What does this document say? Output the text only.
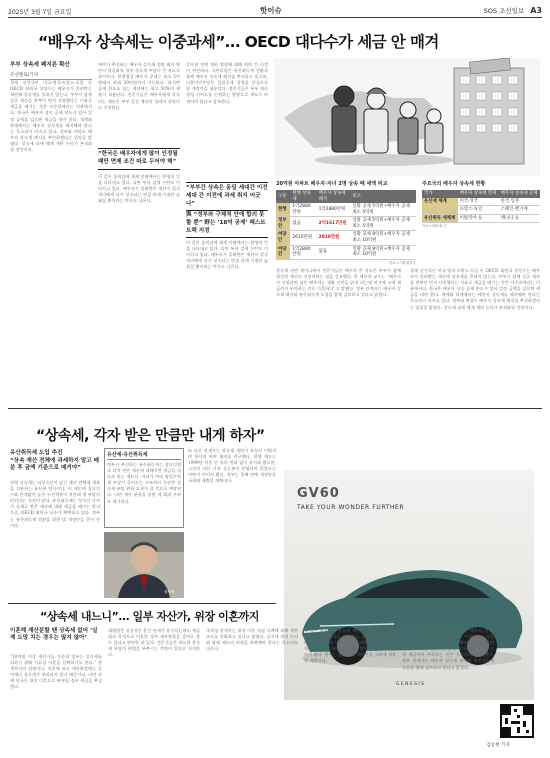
2025년 3월 7일 금요일	핫이슈	SOS 조선일보 A3
“배우자 상속세는 이중과세”… OECD 대다수가 세금 안 매겨
부부 상속세 폐지론 확산
조선멘토/기자
경제 선진국인 미국·영국·프랑스·독일 등 OECD 회원국 상당수는 배우자가 물려받는 재산에 상속세를 물리지 않는다. 부부가 함께 일군 재산을 한쪽이 먼저 사망했다는 이유로 세금을 매기는 것은 이중과세라는 이유에서다. 한국은 배우자 상속 공제 한도가 있어 일정 금액을 넘으면 세금을 내야 한다. 재계와 학계에서는 배우자 상속세를 폐지해야 한다는 목소리가 커지고 있다. 정부와 여당도 배우자 상속세 폐지를 추진하겠다는 입장을 밝혔다. 상속세 과세 체계 개편 논의가 본격화될 전망이다.
여야가 추진하는 배우자 상속세 전면 폐지 방안이 현실화될 경우 상속세 부담이 큰 폭으로 줄어든다. 현행법상 배우자 공제는 최소 5억원에서 최대 30억원까지 가능하다. 하지만 공제 한도를 넘는 재산에는 최고 50%의 세율이 적용된다. 전문가들은 배우자에게 상속되는 재산은 부부 공동 재산의 성격이 강하다고 지적한다.
“한국은 배우자에게 많이 인정될 때만 면제 조건 따로 두어야 해”
이 같은 움직임에 재계 안팎에서는 환영의 뜻을 나타내고 있다. 다만 부자 감세 논란도 이어지고 있다. 배우자가 물려받은 재산이 결국 자녀에게 다시 상속되는 만큼 과세 시점만 늦춰질 뿐이라는 반론도 나온다.
상속세 전면 개편 방향에 대해 여야 간 이견이 여전하다. 국민의힘은 유산취득세 전환과 함께 배우자 상속세 폐지를 추진하고 있으며, 더불어민주당은 일괄공제 상향을 중심으로 한 개정안을 내놓았다. 전문가들은 부부 재산 형성 기여도를 인정하는 방향으로 제도가 바뀌어야 한다고 강조한다.
“부부간 상속은 동일 세대간 이전 세대 간 이전에 과세 취지 어긋나”
與 “정부와 구체적 안에 합의 못할 뿐” 野는 ‘18억 공제’ 패스트트랙 지정
이 같은 움직임에 재계 안팎에서는 환영의 뜻을 나타내고 있다. 다만 부자 감세 논란도 이어지고 있다. 배우자가 물려받은 재산이 결국 자녀에게 다시 상속되는 만큼 과세 시점만 늦춰질 뿐이라는 반론도 나온다.
20억원 아파트 배우자·자녀 2명 상속 때 세액 비교
구분	현행 상속세	배우자 상속세 폐지	비고
현행	1억2880만원	1억2880만원	일괄 공제 5억원+배우자 공제 최소 5억원
정부안	없음	2억1617만원	일괄 공제 5억원+배우자 공제 최소 5억원
여당안	2610만원	2910만원	일괄 공제 8억원+배우자 공제 최소 10억원
야당안	1억2880만원	없음	일괄 공제 8억원+배우자 공제 최소 10억원
자료=기획재정부
주요국의 배우자 상속세 현황
국가	배우자 상속세 면제	배우자 상속세 공제
유산세 체계	미국·영국	한국·일본
	프랑스·독일	스페인·벨기에
유산취득 세체계	이탈리아 등	캐나다 등
자료=OECD 등
상속세 관련 세미나에서 전문가들은 배우자 간 상속은 부부가 함께 형성한 재산의 이전이라는 점을 강조했다. 한 세무학 교수는 “배우자가 사망하면 남은 배우자는 생활 기반을 잃게 되는데 여기에 고액 세금까지 부과하는 것은 가혹하다”고 말했다. 정부 관계자는 배우자 상속세 폐지와 유산취득세 도입을 함께 검토하고 있다고 밝혔다.
경제 선진국인 미국·영국·프랑스·독일 등 OECD 회원국 상당수는 배우자가 물려받는 재산에 상속세를 물리지 않는다. 부부가 함께 일군 재산을 한쪽이 먼저 사망했다는 이유로 세금을 매기는 것은 이중과세라는 이유에서다. 한국은 배우자 상속 공제 한도가 있어 일정 금액을 넘으면 세금을 내야 한다. 재계와 학계에서는 배우자 상속세를 폐지해야 한다는 목소리가 커지고 있다. 정부와 여당도 배우자 상속세 폐지를 추진하겠다는 입장을 밝혔다. 상속세 과세 체계 개편 논의가 본격화될 전망이다.
“상속세, 각자 받은 만큼만 내게 하자”
유산취득세 도입 추진
“상속 재산 전체에 과세하지 말고 배분 후 금액 기준으로 매겨야”
현행 상속세는 피상속인이 남긴 재산 전체에 세율을 적용하는 유산세 방식이다. 이 때문에 상속인 수와 관계없이 높은 누진세율이 적용돼 세 부담이 커진다는 지적이 많다. 유산취득세는 상속인 각자가 실제로 받은 재산에 대해 세금을 매기는 방식으로, OECD 회원국 다수가 채택하고 있다. 정부는 유산취득세 전환을 위한 법 개정안을 준비 중이다.
유산세·유산취득세
정부가 추진하는 유산취득세는 상속인별로 각자 받은 재산에 대해서만 세금을 내도록 하는 제도다. 자녀가 여러 명일수록 세 부담이 줄어드는 구조여서 중산층 상속세 부담 완화 효과가 클 것으로 예상된다. 다만 재산 분할을 통한 세 회피 우려도 제기된다.
권영세
또 다른 관계자는 상속세 개편이 조속히 이뤄져야 한다며 여야 협의를 촉구했다. 현행 제도는 1999년 이후 큰 틀의 변화 없이 유지돼 왔으며, 그간의 자산 가격 상승분이 반영되지 않았다는 비판이 이어져 왔다. 정부는 올해 안에 개정안을 국회에 제출할 계획이다.
GV60
TAKE YOUR WONDER FURTHER
GENESIS
“상속세 내느니”… 일부 자산가, 위장 이혼까지
이혼해 재산분할 땐 상속세 없어 ‘실제 도망 치는 경우는 많지 않아’
“10억원 이상 재산가들 가운데 일부는 상속세를 피하기 위해 서류상 이혼을 선택하기도 한다.” 한 세무사의 설명이다. 이혼에 따른 재산분할에는 증여세나 상속세가 부과되지 않기 때문이다. 다만 과세 당국은 위장 이혼으로 판단될 경우 세금을 추징한다.
대법원은 실질적인 혼인 관계가 유지되는데도 세금 회피 목적으로 이혼한 경우 재산분할을 증여로 볼 수 있다고 판단한 바 있다. 전문가들은 과도한 상속세 부담이 편법을 부추기는 측면이 있다고 지적한다.
국세청 관계자는 위장 이혼 의심 사례에 대해 세무조사를 강화하고 있다고 밝혔다. 상속세 개편 논의와 함께 제도의 허점을 보완해야 한다는 목소리도 나온다.
또 다른 관계자는 상속세 개편이 조속히 이뤄져야 한다며 여야 협의를 촉구했다. 현행 제도는 1999년 이후 큰 틀의 변화 없이 유지돼 왔으며, 그간의 자산 가격 상승분이 반영되지 않았다는 비판이 이어져 왔다. 정부는 올해 안에 개정안을 국회에 제출할 계획이다.
상속세 관련 세미나에서 전문가들은 배우자 간 상속은 부부가 함께 형성한 재산의 이전이라는 점을 강조했다. 한 세무학 교수는 “배우자가 사망하면 남은 배우자는 생활 기반을 잃게 되는데 여기에 고액 세금까지 부과하는 것은 가혹하다”고 말했다. 정부 관계자는 배우자 상속세 폐지와 유산취득세 도입을 함께 검토하고 있다고 밝혔다.
김승현 기자
